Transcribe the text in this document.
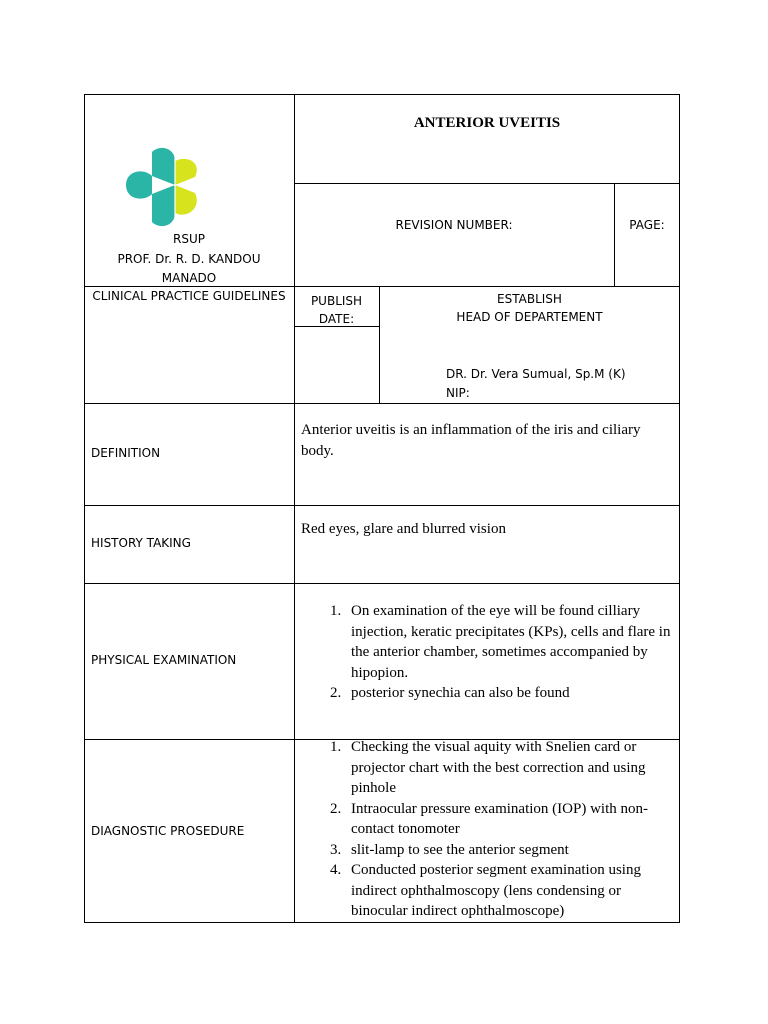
RSUP
PROF. Dr. R. D. KANDOU
MANADO
ANTERIOR UVEITIS
REVISION NUMBER:	PAGE:
CLINICAL PRACTICE GUIDELINES	PUBLISH
DATE:
ESTABLISH
HEAD OF DEPARTEMENT
DR. Dr. Vera Sumual, Sp.M (K)
NIP:
DEFINITION
Anterior uveitis is an inflammation of the iris and ciliary body.
HISTORY TAKING
Red eyes, glare and blurred vision
PHYSICAL EXAMINATION
1. On examination of the eye will be found cilliary injection, keratic precipitates (KPs), cells and flare in the anterior chamber, sometimes accompanied by hipopion.
2. posterior synechia can also be found
DIAGNOSTIC PROSEDURE
1. Checking the visual aquity with Snelien card or projector chart with the best correction and using pinhole
2. Intraocular pressure examination (IOP) with non-contact tonomoter
3. slit-lamp to see the anterior segment
4. Conducted posterior segment examination using indirect ophthalmoscopy (lens condensing or binocular indirect ophthalmoscope)
